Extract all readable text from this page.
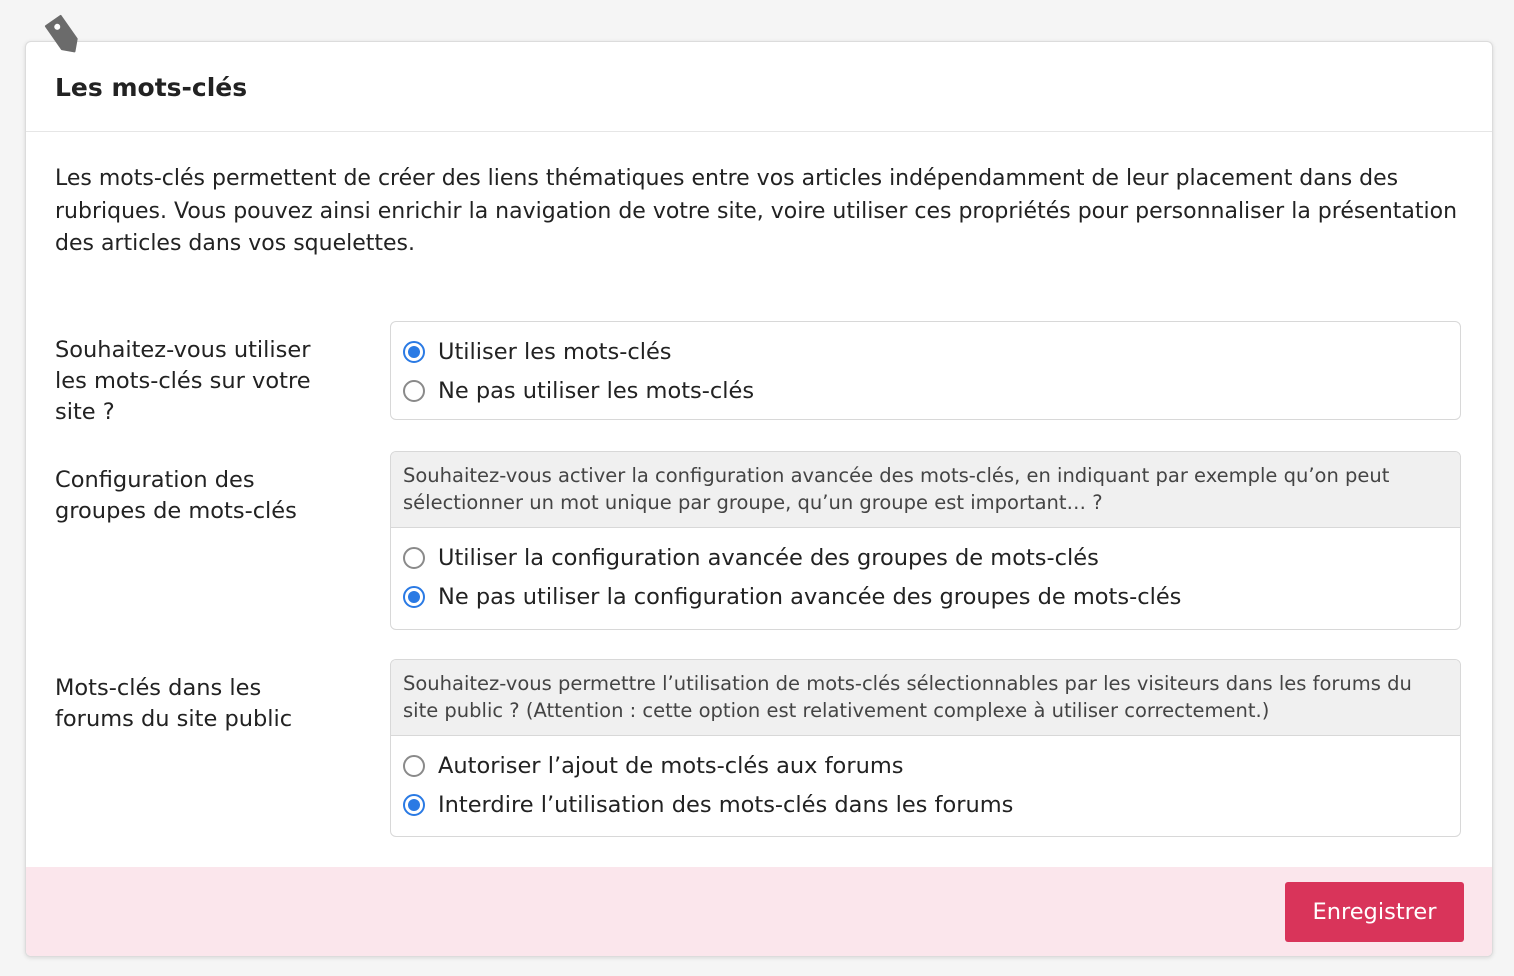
Les mots-clés

Les mots-clés permettent de créer des liens thématiques entre vos articles indépendamment de leur placement dans des rubriques. Vous pouvez ainsi enrichir la navigation de votre site, voire utiliser ces propriétés pour personnaliser la présentation des articles dans vos squelettes.

Souhaitez-vous utiliser les mots-clés sur votre site ?
Utiliser les mots-clés
Ne pas utiliser les mots-clés
Configuration des groupes de mots-clés
Souhaitez-vous activer la configuration avancée des mots-clés, en indiquant par exemple qu’on peut sélectionner un mot unique par groupe, qu’un groupe est important… ?
Utiliser la configuration avancée des groupes de mots-clés
Ne pas utiliser la configuration avancée des groupes de mots-clés
Mots-clés dans les forums du site public
Souhaitez-vous permettre l’utilisation de mots-clés sélectionnables par les visiteurs dans les forums du site public ? (Attention : cette option est relativement complexe à utiliser correctement.)
Autoriser l’ajout de mots-clés aux forums
Interdire l’utilisation des mots-clés dans les forums
Enregistrer
